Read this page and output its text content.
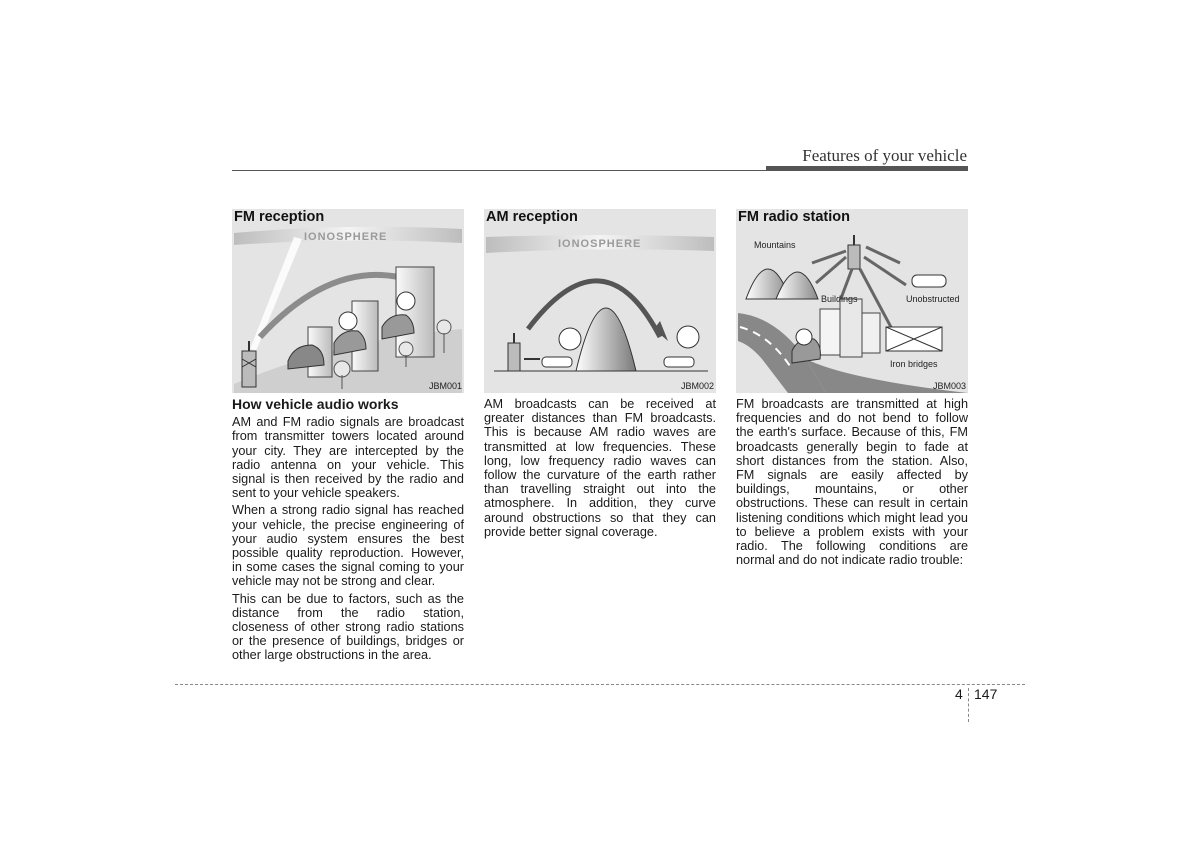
Features of your vehicle
IONOSPHERE
FM reception
JBM001
IONOSPHERE
AM reception
JBM002
Mountains
Buildings	Unobstructed
Iron bridges
FM radio station
JBM003
How vehicle audio works

AM and FM radio signals are broadcast from transmitter towers located around your city. They are intercepted by the radio antenna on your vehicle. This signal is then received by the radio and sent to your vehicle speakers.

When a strong radio signal has reached your vehicle, the precise engineering of your audio system ensures the best possible quality reproduction. However, in some cases the signal coming to your vehicle may not be strong and clear.

This can be due to factors, such as the distance from the radio station, closeness of other strong radio stations or the presence of buildings, bridges or other large obstructions in the area.

AM broadcasts can be received at greater distances than FM broadcasts. This is because AM radio waves are transmitted at low frequencies. These long, low frequency radio waves can follow the curvature of the earth rather than travelling straight out into the atmosphere. In addition, they curve around obstructions so that they can provide better signal coverage.

FM broadcasts are transmitted at high frequencies and do not bend to follow the earth's surface. Because of this, FM broadcasts generally begin to fade at short distances from the station. Also, FM signals are easily affected by buildings, mountains, or other obstructions. These can result in certain listening conditions which might lead you to believe a problem exists with your radio. The following conditions are normal and do not indicate radio trouble:

4 147
